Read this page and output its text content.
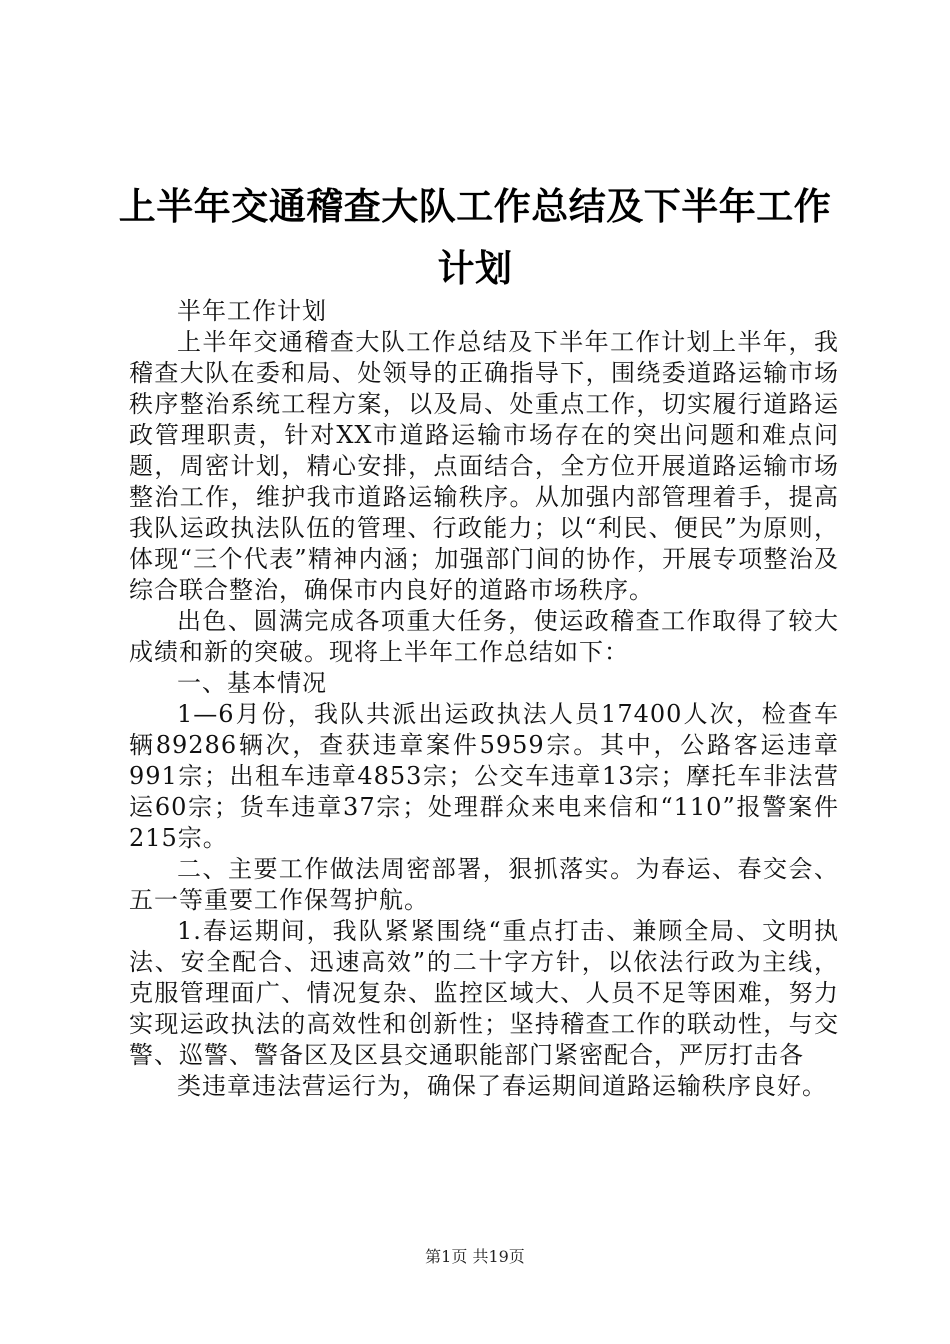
上半年交通稽查大队工作总结及下半年工作计划

半年工作计划

上半年交通稽查大队工作总结及下半年工作计划上半年，我稽查大队在委和局、处领导的正确指导下，围绕委道路运输市场秩序整治系统工程方案，以及局、处重点工作，切实履行道路运政管理职责，针对XX市道路运输市场存在的突出问题和难点问题，周密计划，精心安排，点面结合，全方位开展道路运输市场整治工作，维护我市道路运输秩序。从加强内部管理着手，提高我队运政执法队伍的管理、行政能力；以“利民、便民”为原则，体现“三个代表”精神内涵；加强部门间的协作，开展专项整治及综合联合整治，确保市内良好的道路市场秩序。

出色、圆满完成各项重大任务，使运政稽查工作取得了较大成绩和新的突破。现将上半年工作总结如下：

一、基本情况

1—6月份，我队共派出运政执法人员17400人次，检查车辆89286辆次，查获违章案件5959宗。其中，公路客运违章991宗；出租车违章4853宗；公交车违章13宗；摩托车非法营运60宗；货车违章37宗；处理群众来电来信和“110”报警案件215宗。

二、主要工作做法周密部署，狠抓落实。为春运、春交会、五一等重要工作保驾护航。

1.春运期间，我队紧紧围绕“重点打击、兼顾全局、文明执法、安全配合、迅速高效”的二十字方针，以依法行政为主线，克服管理面广、情况复杂、监控区域大、人员不足等困难，努力实现运政执法的高效性和创新性；坚持稽查工作的联动性，与交警、巡警、警备区及区县交通职能部门紧密配合，严厉打击各

类违章违法营运行为，确保了春运期间道路运输秩序良好。

第1页 共19页
